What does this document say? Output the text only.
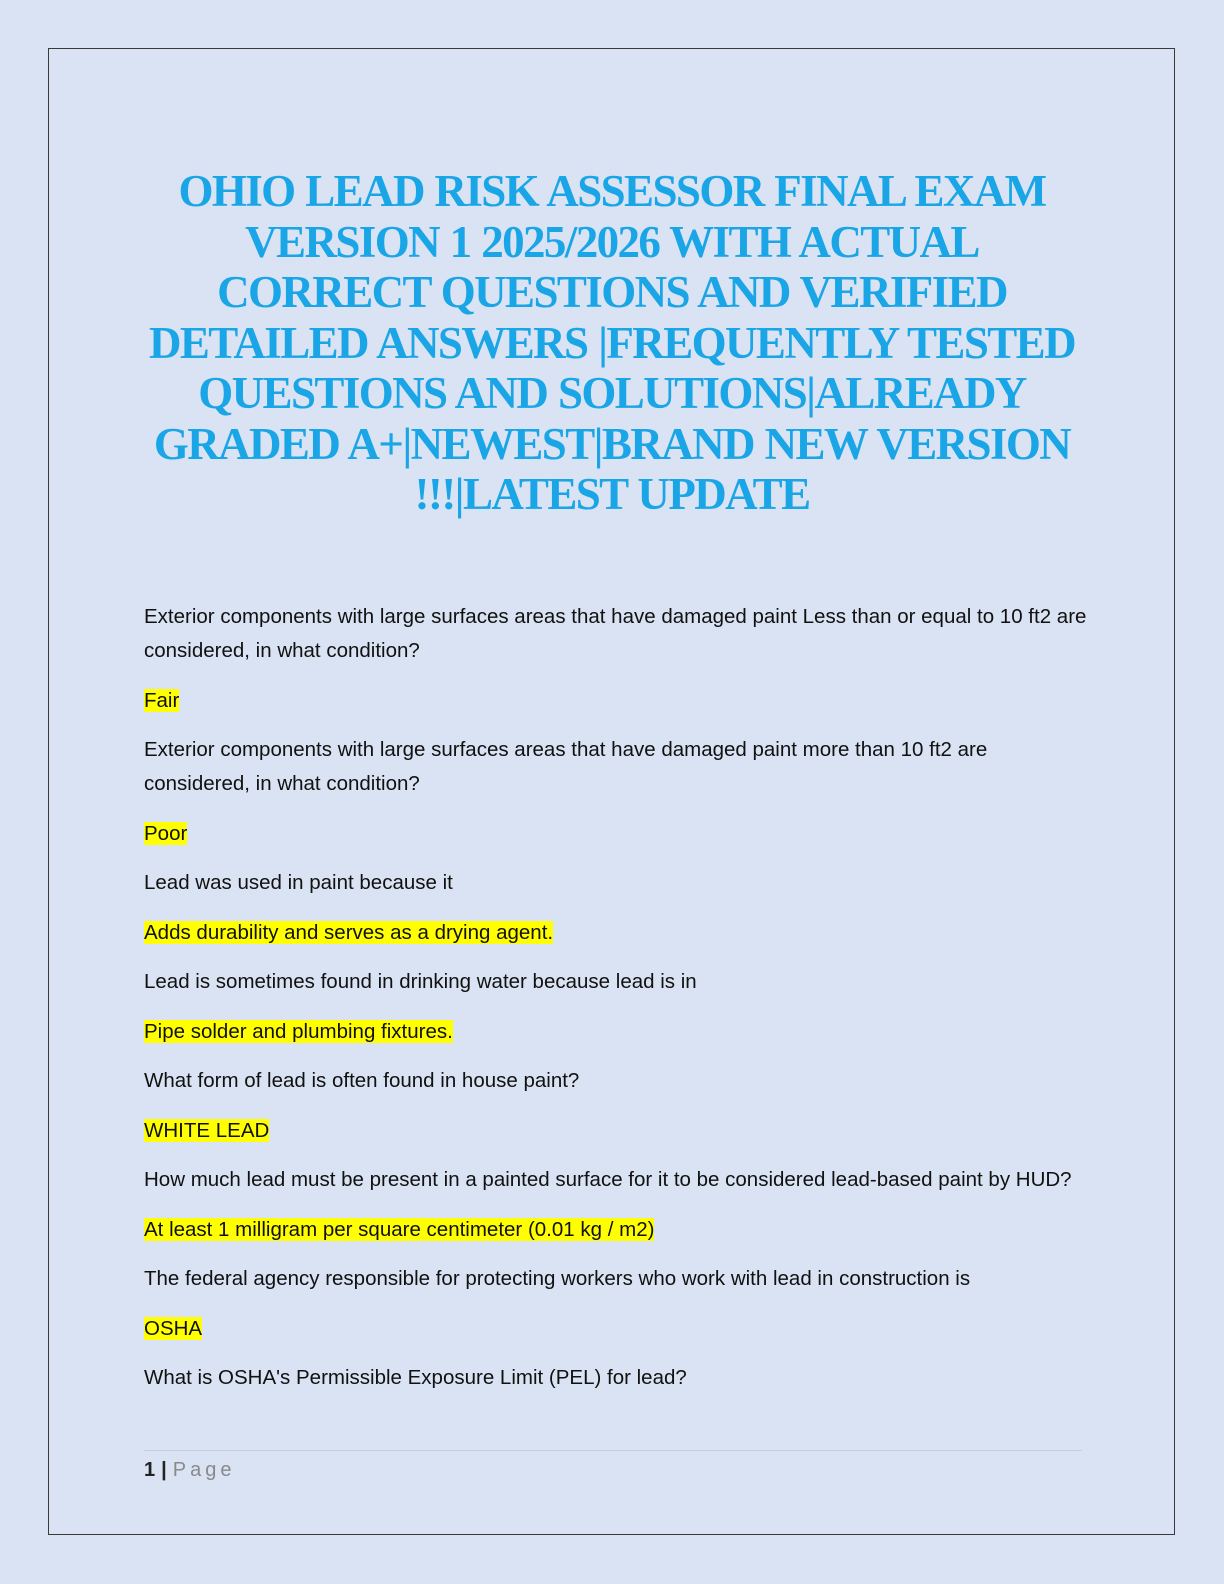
OHIO LEAD RISK ASSESSOR FINAL EXAM
VERSION 1 2025/2026 WITH ACTUAL
CORRECT QUESTIONS AND VERIFIED
DETAILED ANSWERS |FREQUENTLY TESTED
QUESTIONS AND SOLUTIONS|ALREADY
GRADED A+|NEWEST|BRAND NEW VERSION
!!!|LATEST UPDATE

Exterior components with large surfaces areas that have damaged paint Less than or equal to 10 ft2 are considered, in what condition?

Fair

Exterior components with large surfaces areas that have damaged paint more than 10 ft2 are considered, in what condition?

Poor

Lead was used in paint because it

Adds durability and serves as a drying agent.

Lead is sometimes found in drinking water because lead is in

Pipe solder and plumbing fixtures.

What form of lead is often found in house paint?

WHITE LEAD

How much lead must be present in a painted surface for it to be considered lead-based paint by HUD?

At least 1 milligram per square centimeter (0.01 kg / m2)

The federal agency responsible for protecting workers who work with lead in construction is

OSHA

What is OSHA's Permissible Exposure Limit (PEL) for lead?

1 | Page
